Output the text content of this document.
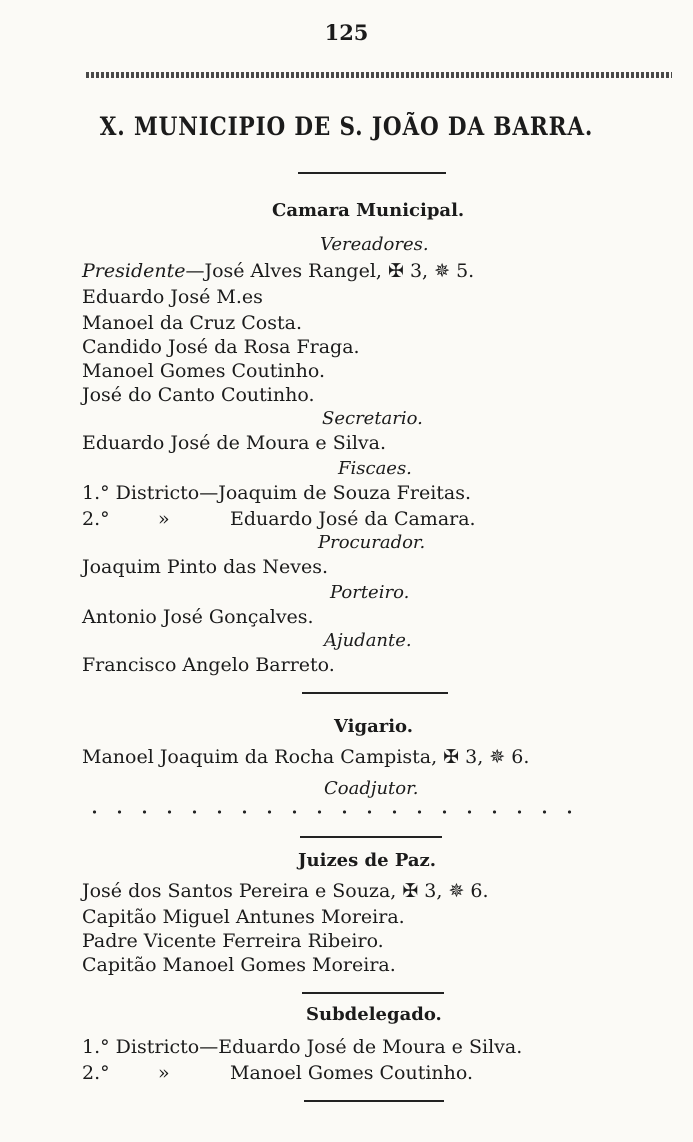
125
X. MUNICIPIO DE S. JOÃO DA BARRA.
Camara Municipal.
Vereadores.
Presidente—José Alves Rangel, ✠ 3, ✵ 5.
Eduardo José M.es
Manoel da Cruz Costa.
Candido José da Rosa Fraga.
Manoel Gomes Coutinho.
José do Canto Coutinho.
Secretario.
Eduardo José de Moura e Silva.
Fiscaes.
1.° Districto—Joaquim de Souza Freitas.
2.°	»	Eduardo José da Camara.
Procurador.
Joaquim Pinto das Neves.
Porteiro.
Antonio José Gonçalves.
Ajudante.
Francisco Angelo Barreto.
Vigario.
Manoel Joaquim da Rocha Campista, ✠ 3, ✵ 6.
Coadjutor.
Juizes de Paz.
José dos Santos Pereira e Souza, ✠ 3, ✵ 6.
Capitão Miguel Antunes Moreira.
Padre Vicente Ferreira Ribeiro.
Capitão Manoel Gomes Moreira.
Subdelegado.
1.° Districto—Eduardo José de Moura e Silva.
2.°	»	Manoel Gomes Coutinho.
